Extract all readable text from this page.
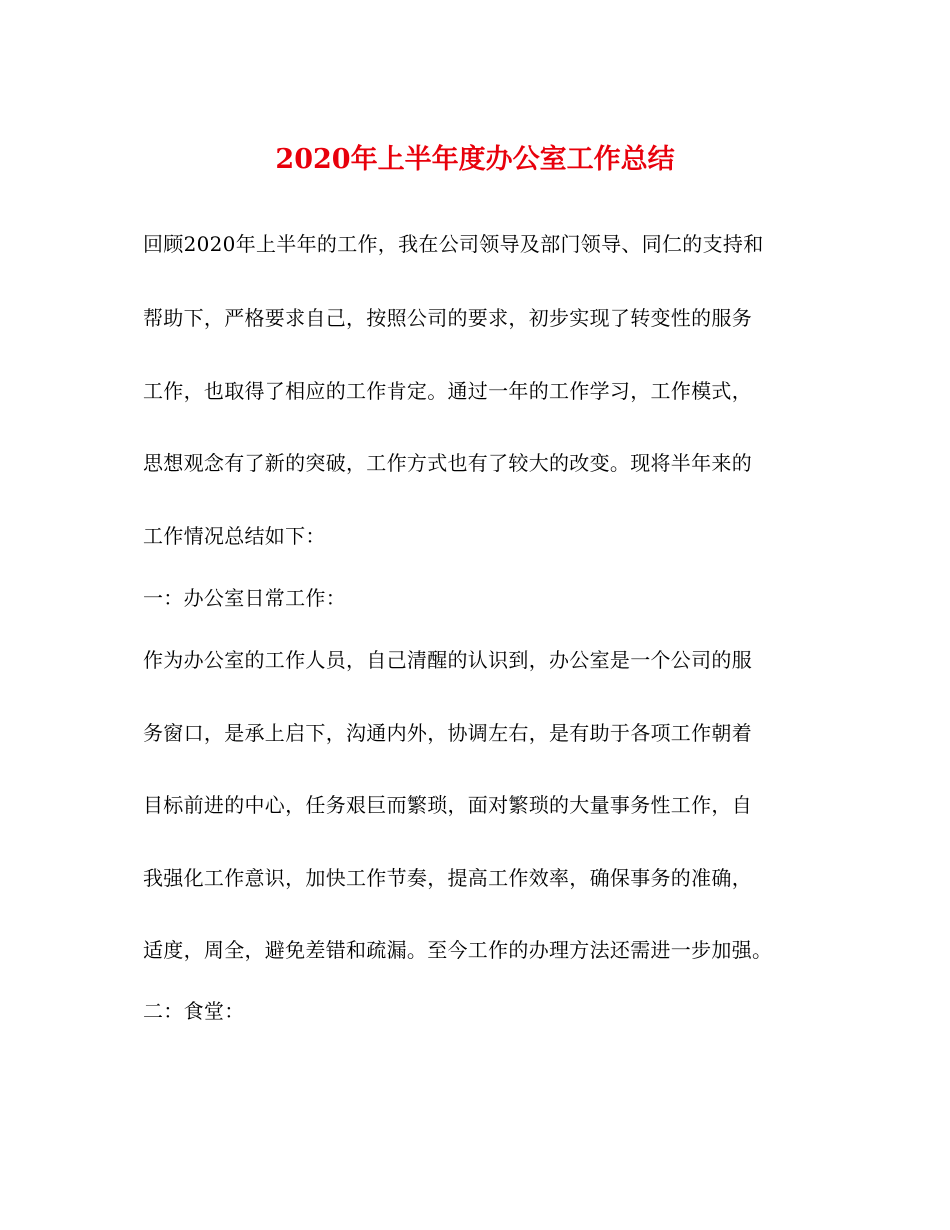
2020年上半年度办公室工作总结
回顾2020年上半年的工作，我在公司领导及部门领导、同仁的支持和
帮助下，严格要求自己，按照公司的要求，初步实现了转变性的服务
工作，也取得了相应的工作肯定。通过一年的工作学习，工作模式，
思想观念有了新的突破，工作方式也有了较大的改变。现将半年来的
工作情况总结如下：
一：办公室日常工作：
作为办公室的工作人员，自己清醒的认识到，办公室是一个公司的服
务窗口，是承上启下，沟通内外，协调左右，是有助于各项工作朝着
目标前进的中心，任务艰巨而繁琐，面对繁琐的大量事务性工作，自
我强化工作意识，加快工作节奏，提高工作效率，确保事务的准确，
适度，周全，避免差错和疏漏。至今工作的办理方法还需进一步加强。
二：食堂：
